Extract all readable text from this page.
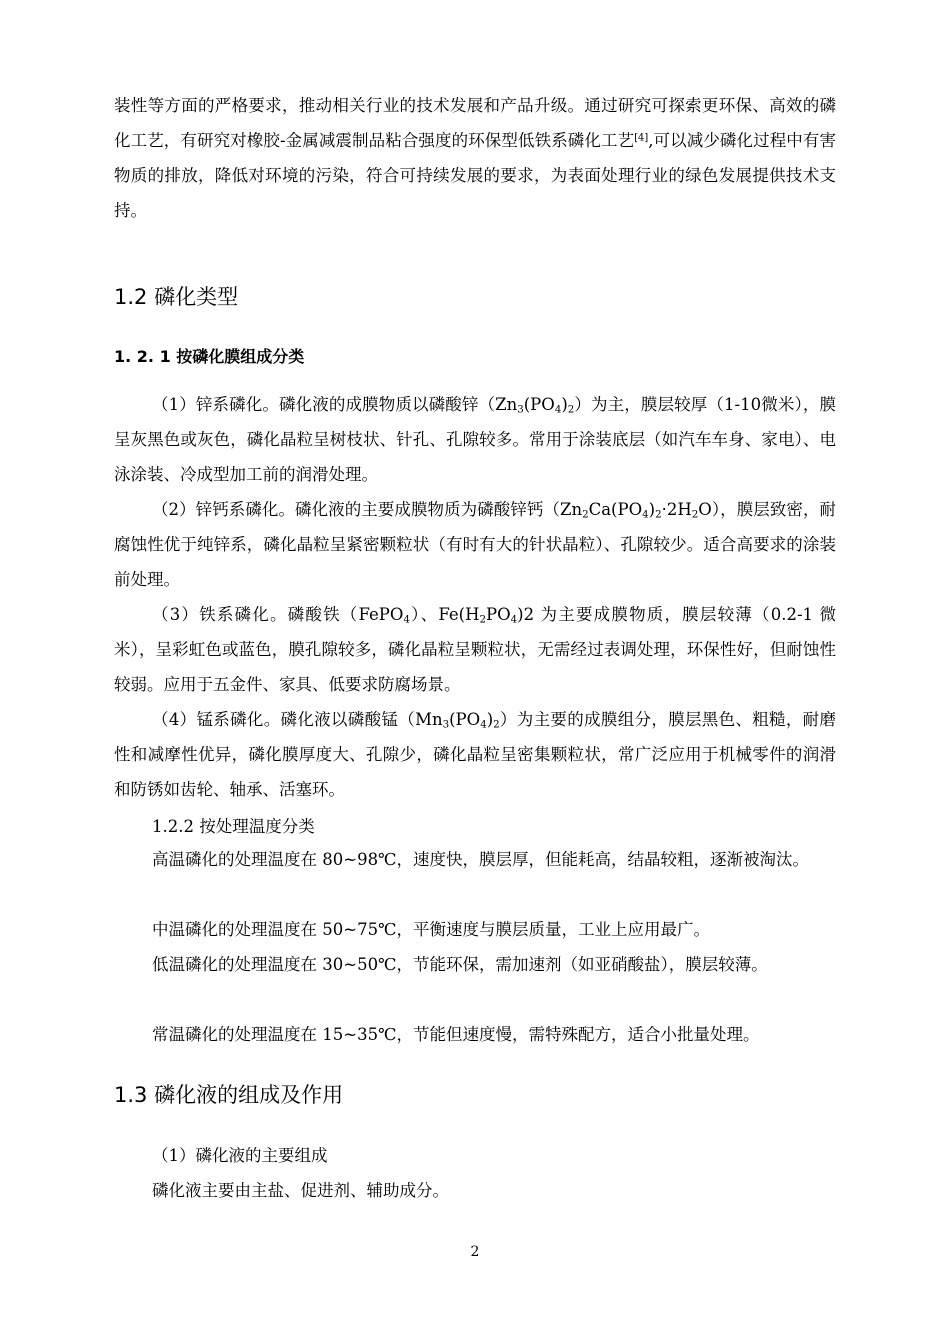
装性等方面的严格要求，推动相关行业的技术发展和产品升级。通过研究可探索更环保、高效的磷化工艺，有研究对橡胶-金属减震制品粘合强度的环保型低铁系磷化工艺[4],可以减少磷化过程中有害物质的排放，降低对环境的污染，符合可持续发展的要求，为表面处理行业的绿色发展提供技术支持。
1.2 磷化类型
1. 2. 1 按磷化膜组成分类
（1）锌系磷化。磷化液的成膜物质以磷酸锌$(Zn_3(PO_4)_2)$为主，膜层较厚（1-10微米），膜呈灰黑色或灰色，磷化晶粒呈树枝状、针孔、孔隙较多。常用于涂装底层（如汽车车身、家电）、电泳涂装、冷成型加工前的润滑处理。
（2）锌钙系磷化。磷化液的主要成膜物质为磷酸锌钙$(Zn_2Ca(PO_4)_2\cdot 2H_2O)$，膜层致密，耐腐蚀性优于纯锌系，磷化晶粒呈紧密颗粒状（有时有大的针状晶粒）、孔隙较少。适合高要求的涂装前处理。
（3）铁系磷化。磷酸铁（FePO$_4$）、$Fe(H_2PO_4)2$ 为主要成膜物质，膜层较薄（0.2-1 微米），呈彩虹色或蓝色，膜孔隙较多，磷化晶粒呈颗粒状，无需经过表调处理，环保性好，但耐蚀性较弱。应用于五金件、家具、低要求防腐场景。
（4）锰系磷化。磷化液以磷酸锰$(Mn_3(PO_4)_2)$为主要的成膜组分，膜层黑色、粗糙，耐磨性和减摩性优异，磷化膜厚度大、孔隙少，磷化晶粒呈密集颗粒状，常广泛应用于机械零件的润滑和防锈如齿轮、轴承、活塞环。
1.2.2 按处理温度分类
高温磷化的处理温度在 80~98℃，速度快，膜层厚，但能耗高，结晶较粗，逐渐被淘汰。
中温磷化的处理温度在 50~75℃，平衡速度与膜层质量，工业上应用最广。
低温磷化的处理温度在 30~50℃，节能环保，需加速剂（如亚硝酸盐），膜层较薄。
常温磷化的处理温度在 15~35℃，节能但速度慢，需特殊配方，适合小批量处理。
1.3 磷化液的组成及作用
（1）磷化液的主要组成
磷化液主要由主盐、促进剂、辅助成分。
2
